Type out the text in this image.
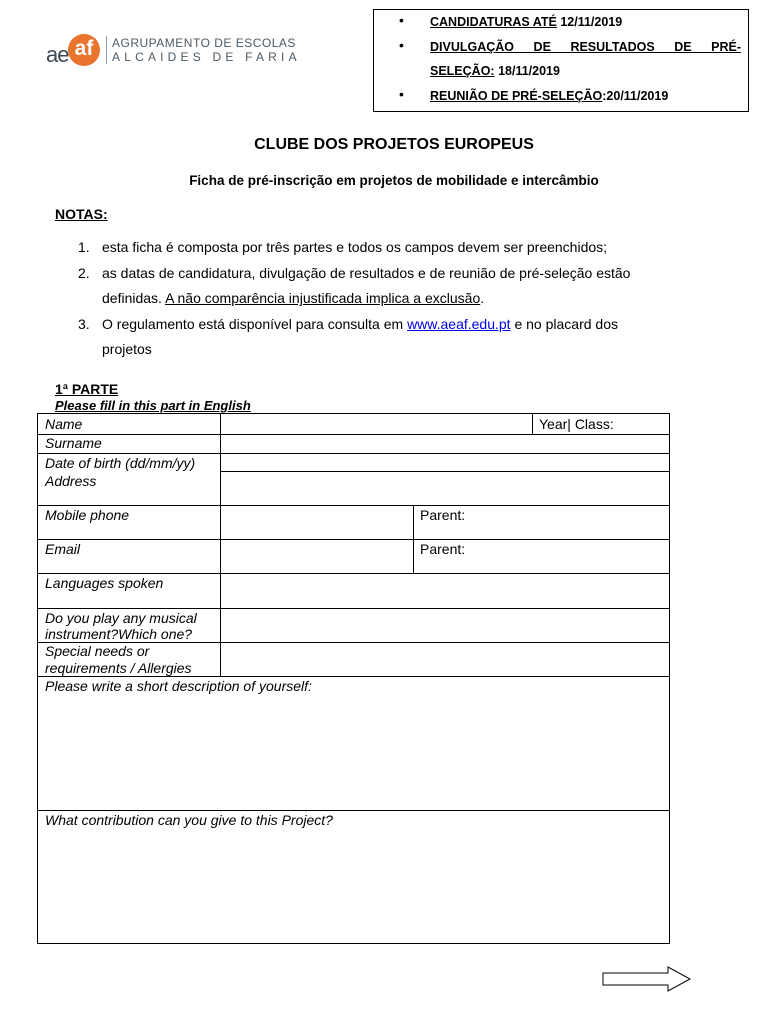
ae af	AGRUPAMENTO DE ESCOLAS
ALCAIDES DE FARIA
• CANDIDATURAS ATÉ 12/11/2019
• DIVULGAÇÃO DE RESULTADOS DE PRÉ-
SELEÇÃO: 18/11/2019
• REUNIÃO DE PRÉ-SELEÇÃO:20/11/2019
CLUBE DOS PROJETOS EUROPEUS
Ficha de pré-inscrição em projetos de mobilidade e intercâmbio
NOTAS:
1. esta ficha é composta por três partes e todos os campos devem ser preenchidos;
2. as datas de candidatura, divulgação de resultados e de reunião de pré-seleção estão
definidas. A não comparência injustificada implica a exclusão.
3. O regulamento está disponível para consulta em www.aeaf.edu.pt e no placard dos
projetos
1ª PARTE
Please fill in this part in English
Name	Year| Class:
Surname
Date of birth (dd/mm/yy)
Address
Mobile phone	Parent:
Email	Parent:
Languages spoken
Do you play any musical
instrument?Which one?
Special needs or
requirements / Allergies
Please write a short description of yourself:
What contribution can you give to this Project?
